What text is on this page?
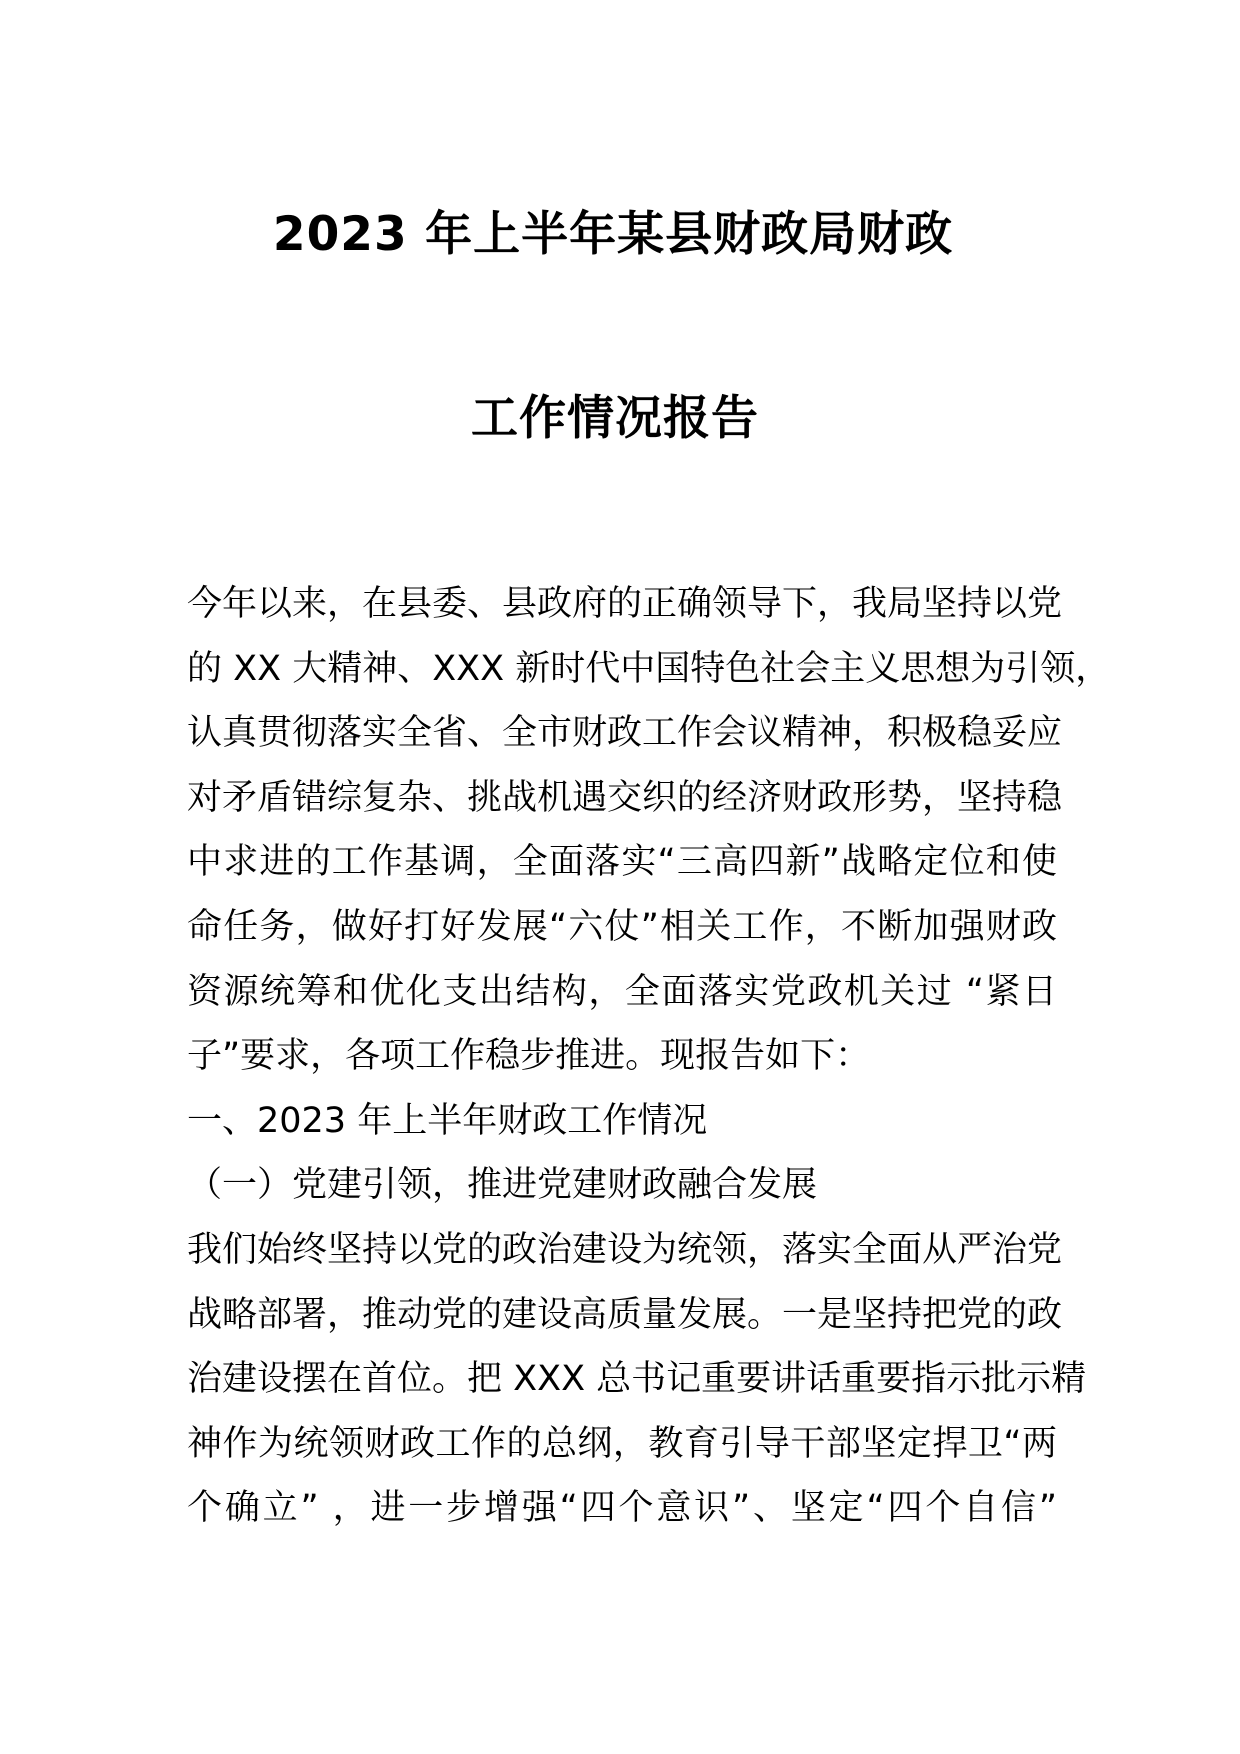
2023 年上半年某县财政局财政
工作情况报告
今年以来，在县委、县政府的正确领导下，我局坚持以党
的 XX 大精神、XXX 新时代中国特色社会主义思想为引领，
认真贯彻落实全省、全市财政工作会议精神，积极稳妥应
对矛盾错综复杂、挑战机遇交织的经济财政形势，坚持稳
中求进的工作基调，全面落实“三高四新”战略定位和使
命任务，做好打好发展“六仗”相关工作，不断加强财政
资源统筹和优化支出结构，全面落实党政机关过 “紧日
子”要求，各项工作稳步推进。现报告如下：
一、2023 年上半年财政工作情况
（一）党建引领，推进党建财政融合发展
我们始终坚持以党的政治建设为统领，落实全面从严治党
战略部署，推动党的建设高质量发展。一是坚持把党的政
治建设摆在首位。把 XXX 总书记重要讲话重要指示批示精
神作为统领财政工作的总纲，教育引导干部坚定捍卫“两
个确立” ，进一步增强“四个意识”、坚定“四个自信”
